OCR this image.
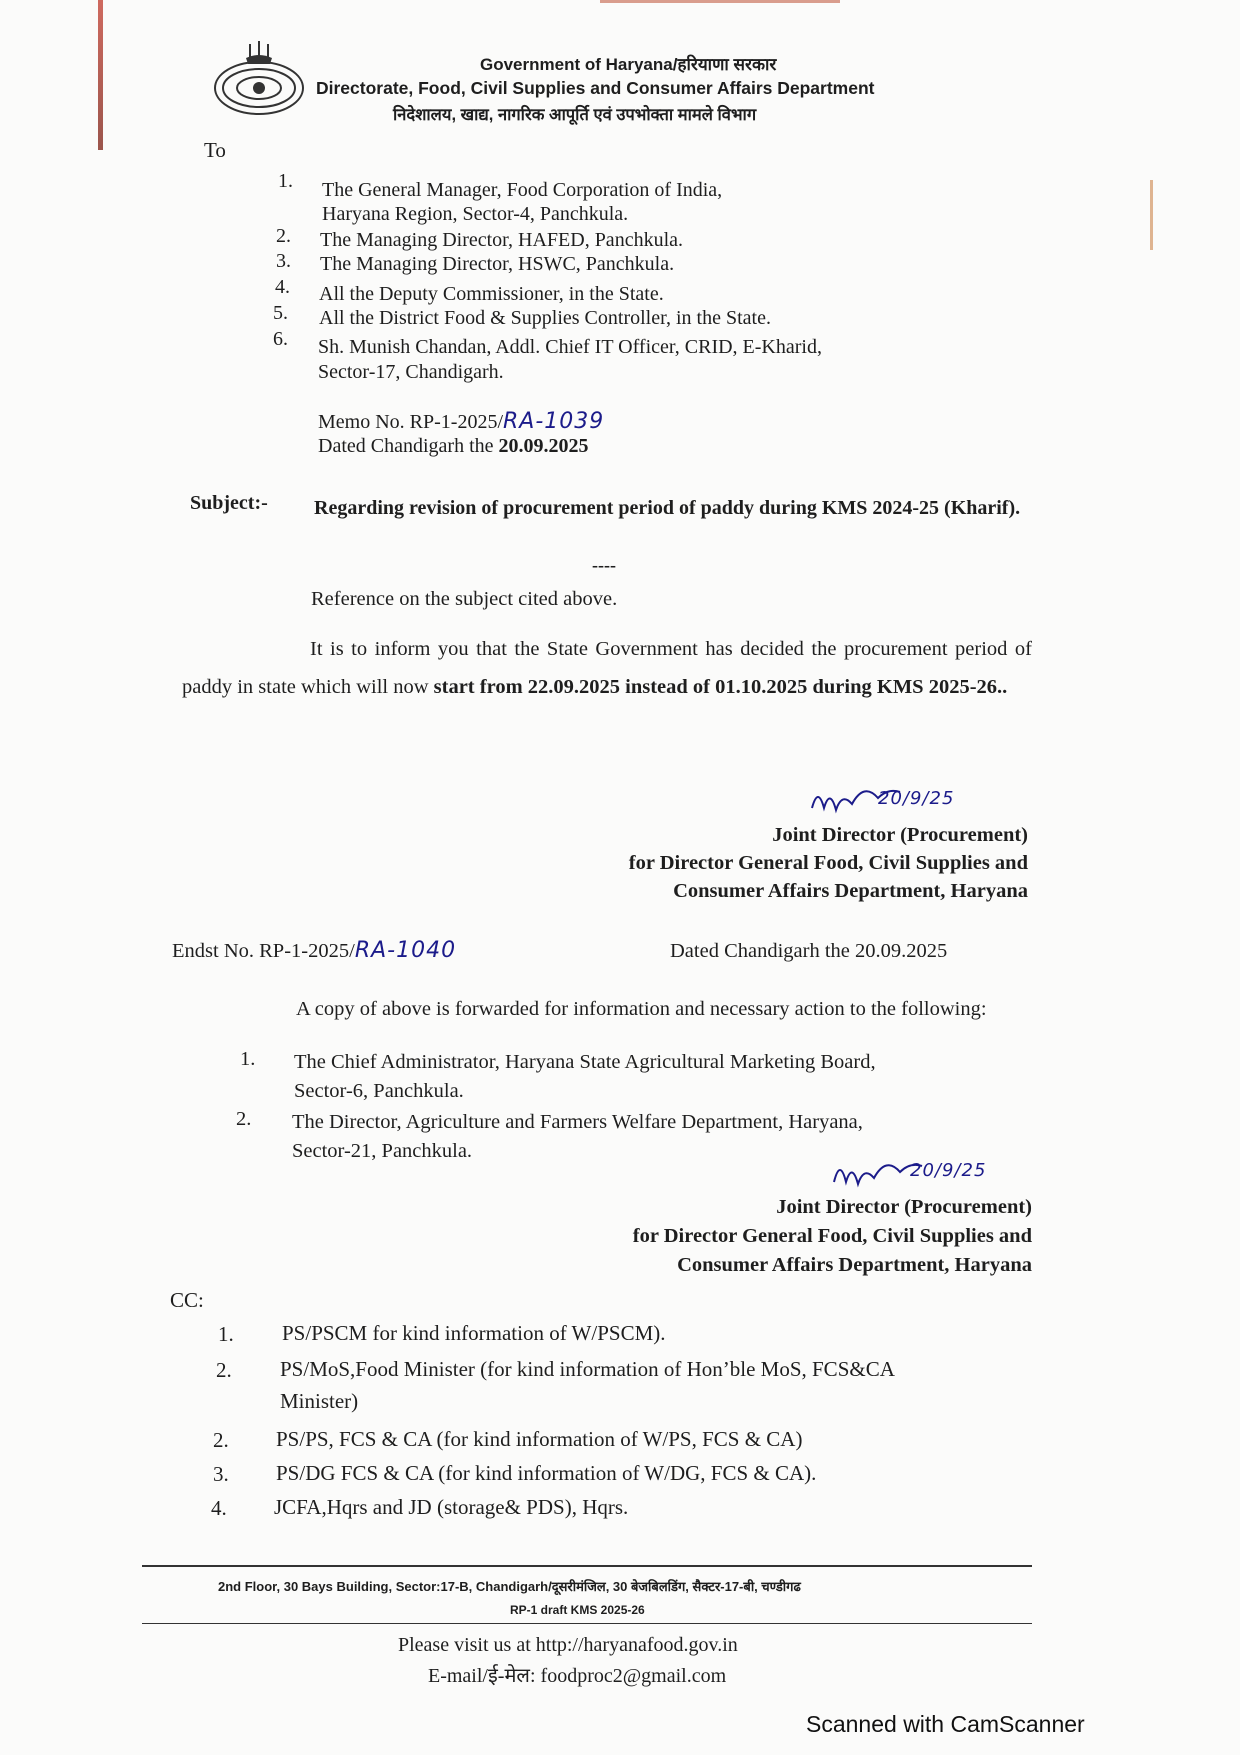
Government of Haryana/हरियाणा सरकार
Directorate, Food, Civil Supplies and Consumer Affairs Department
निदेशालय, खाद्य, नागरिक आपूर्ति एवं उपभोक्ता मामले विभाग
To
1. The General Manager, Food Corporation of India,
Haryana Region, Sector-4, Panchkula.
2. The Managing Director, HAFED, Panchkula.
3. The Managing Director, HSWC, Panchkula.
4. All the Deputy Commissioner, in the State.
5. All the District Food & Supplies Controller, in the State.
6. Sh. Munish Chandan, Addl. Chief IT Officer, CRID, E-Kharid,
Sector-17, Chandigarh.
Memo No. RP-1-2025/RA-1039
Dated Chandigarh the 20.09.2025
Subject:- Regarding revision of procurement period of paddy during KMS 2024-25 (Kharif).
----
Reference on the subject cited above.
It is to inform you that the State Government has decided the procurement period of paddy in state which will now start from 22.09.2025 instead of 01.10.2025 during KMS 2025-26..
20/9/25
Joint Director (Procurement)
for Director General Food, Civil Supplies and
Consumer Affairs Department, Haryana
Endst No. RP-1-2025/RA-1040	Dated Chandigarh the 20.09.2025
A copy of above is forwarded for information and necessary action to the following:
1. The Chief Administrator, Haryana State Agricultural Marketing Board,
Sector-6, Panchkula.
2. The Director, Agriculture and Farmers Welfare Department, Haryana,
Sector-21, Panchkula.
20/9/25
Joint Director (Procurement)
for Director General Food, Civil Supplies and
Consumer Affairs Department, Haryana
CC:
1. PS/PSCM for kind information of W/PSCM).
2. PS/MoS,Food Minister (for kind information of Hon’ble MoS, FCS&CA
Minister)
2. PS/PS, FCS & CA (for kind information of W/PS, FCS & CA)
3. PS/DG FCS & CA (for kind information of W/DG, FCS & CA).
4. JCFA,Hqrs and JD (storage& PDS), Hqrs.
2nd Floor, 30 Bays Building, Sector:17-B, Chandigarh/दूसरीमंजिल, 30 बेजबिलडिंग, सैक्टर-17-बी, चण्डीगढ
RP-1 draft KMS 2025-26
Please visit us at http://haryanafood.gov.in
E-mail/ई-मेल: foodproc2@gmail.com
Scanned with CamScanner
